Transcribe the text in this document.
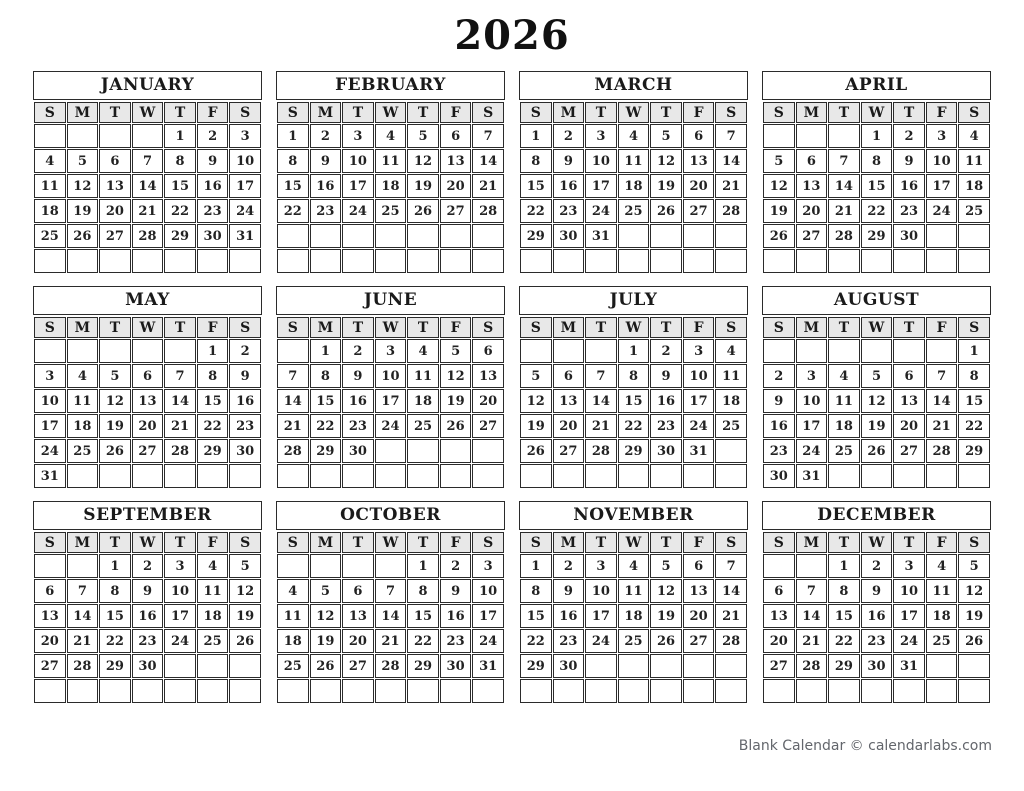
2026
JANUARY
S	M	T	W	T	F	S
				1	2	3
4	5	6	7	8	9	10
11	12	13	14	15	16	17
18	19	20	21	22	23	24
25	26	27	28	29	30	31

FEBRUARY
S	M	T	W	T	F	S
1	2	3	4	5	6	7
8	9	10	11	12	13	14
15	16	17	18	19	20	21
22	23	24	25	26	27	28

MARCH
S	M	T	W	T	F	S
1	2	3	4	5	6	7
8	9	10	11	12	13	14
15	16	17	18	19	20	21
22	23	24	25	26	27	28
29	30	31				

APRIL
S	M	T	W	T	F	S
			1	2	3	4
5	6	7	8	9	10	11
12	13	14	15	16	17	18
19	20	21	22	23	24	25
26	27	28	29	30		

MAY
S	M	T	W	T	F	S
					1	2
3	4	5	6	7	8	9
10	11	12	13	14	15	16
17	18	19	20	21	22	23
24	25	26	27	28	29	30
31						
JUNE
S	M	T	W	T	F	S
	1	2	3	4	5	6
7	8	9	10	11	12	13
14	15	16	17	18	19	20
21	22	23	24	25	26	27
28	29	30				

JULY
S	M	T	W	T	F	S
			1	2	3	4
5	6	7	8	9	10	11
12	13	14	15	16	17	18
19	20	21	22	23	24	25
26	27	28	29	30	31	

AUGUST
S	M	T	W	T	F	S
						1
2	3	4	5	6	7	8
9	10	11	12	13	14	15
16	17	18	19	20	21	22
23	24	25	26	27	28	29
30	31					
SEPTEMBER
S	M	T	W	T	F	S
		1	2	3	4	5
6	7	8	9	10	11	12
13	14	15	16	17	18	19
20	21	22	23	24	25	26
27	28	29	30			

OCTOBER
S	M	T	W	T	F	S
				1	2	3
4	5	6	7	8	9	10
11	12	13	14	15	16	17
18	19	20	21	22	23	24
25	26	27	28	29	30	31

NOVEMBER
S	M	T	W	T	F	S
1	2	3	4	5	6	7
8	9	10	11	12	13	14
15	16	17	18	19	20	21
22	23	24	25	26	27	28
29	30					

DECEMBER
S	M	T	W	T	F	S
		1	2	3	4	5
6	7	8	9	10	11	12
13	14	15	16	17	18	19
20	21	22	23	24	25	26
27	28	29	30	31		

Blank Calendar © calendarlabs.com
